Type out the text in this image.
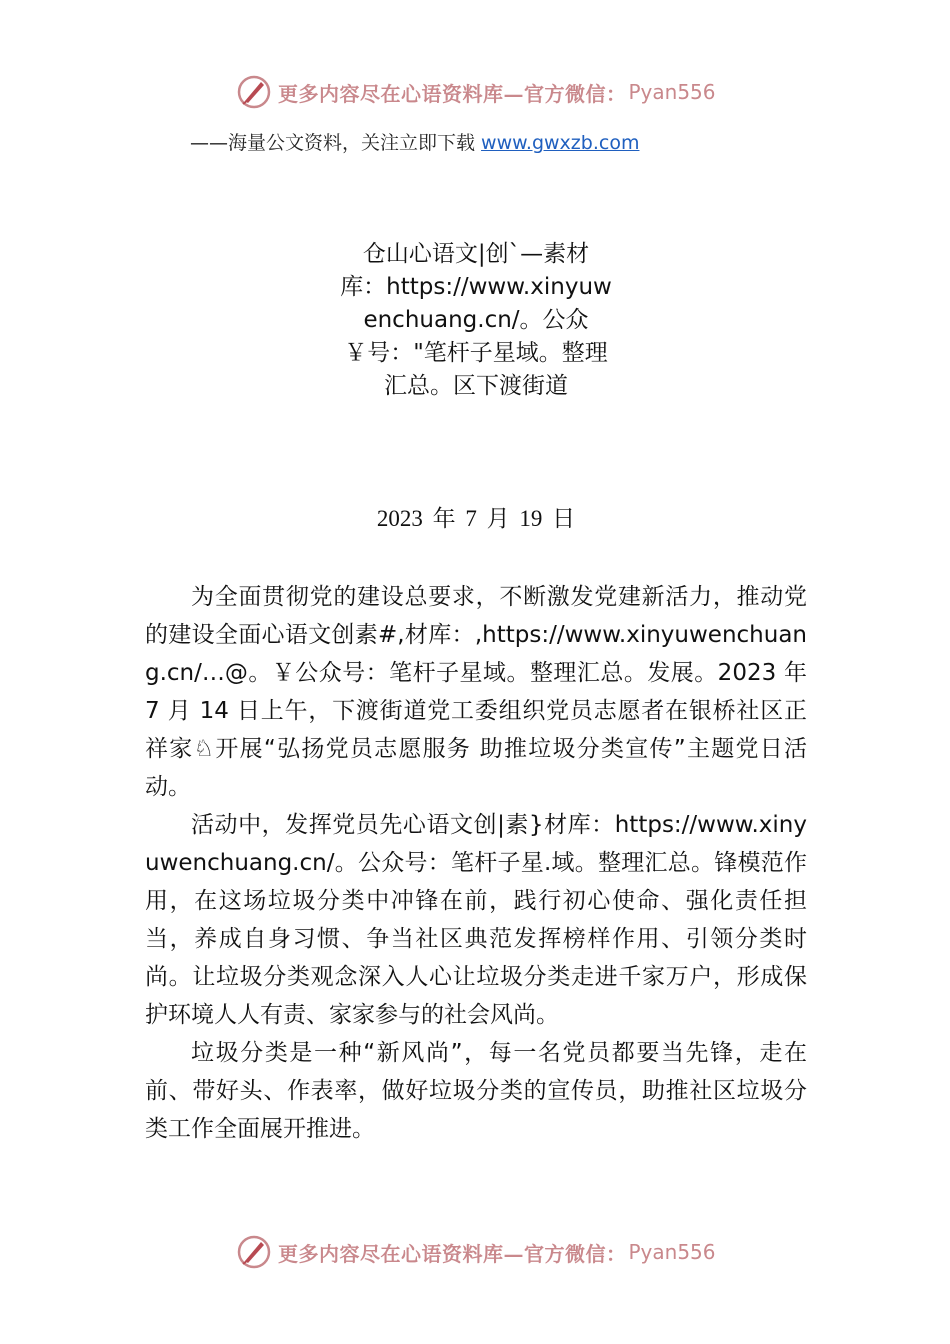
更多内容尽在心语资料库—官方微信： Pyan556
——海量公文资料，关注立即下载 www.gwxzb.com
仓山心语文|创`—素材库：https://www.xinyuwenchuang.cn/。公众￥号："笔杆子星域。整理汇总。区下渡街道
2023 年 7 月 19 日

为全面贯彻党的建设总要求，不断激发党建新活力，推动党的建设全面心语文创素#,材库：,https://www.xinyuwenchuang.cn/…@。￥公众号：笔杆子星域。整理汇总。发展。2023 年 7 月 14 日上午，下渡街道党工委组织党员志愿者在银桥社区正祥家♘开展“弘扬党员志愿服务 助推垃圾分类宣传”主题党日活动。

活动中，发挥党员先心语文创|素}材库：https://www.xinyuwenchuang.cn/。公众号：笔杆子星.域。整理汇总。锋模范作用，在这场垃圾分类中冲锋在前，践行初心使命、强化责任担当，养成自身习惯、争当社区典范发挥榜样作用、引领分类时尚。让垃圾分类观念深入人心让垃圾分类走进千家万户，形成保护环境人人有责、家家参与的社会风尚。

垃圾分类是一种“新风尚”，每一名党员都要当先锋，走在前、带好头、作表率，做好垃圾分类的宣传员，助推社区垃圾分类工作全面展开推进。

更多内容尽在心语资料库—官方微信： Pyan556
